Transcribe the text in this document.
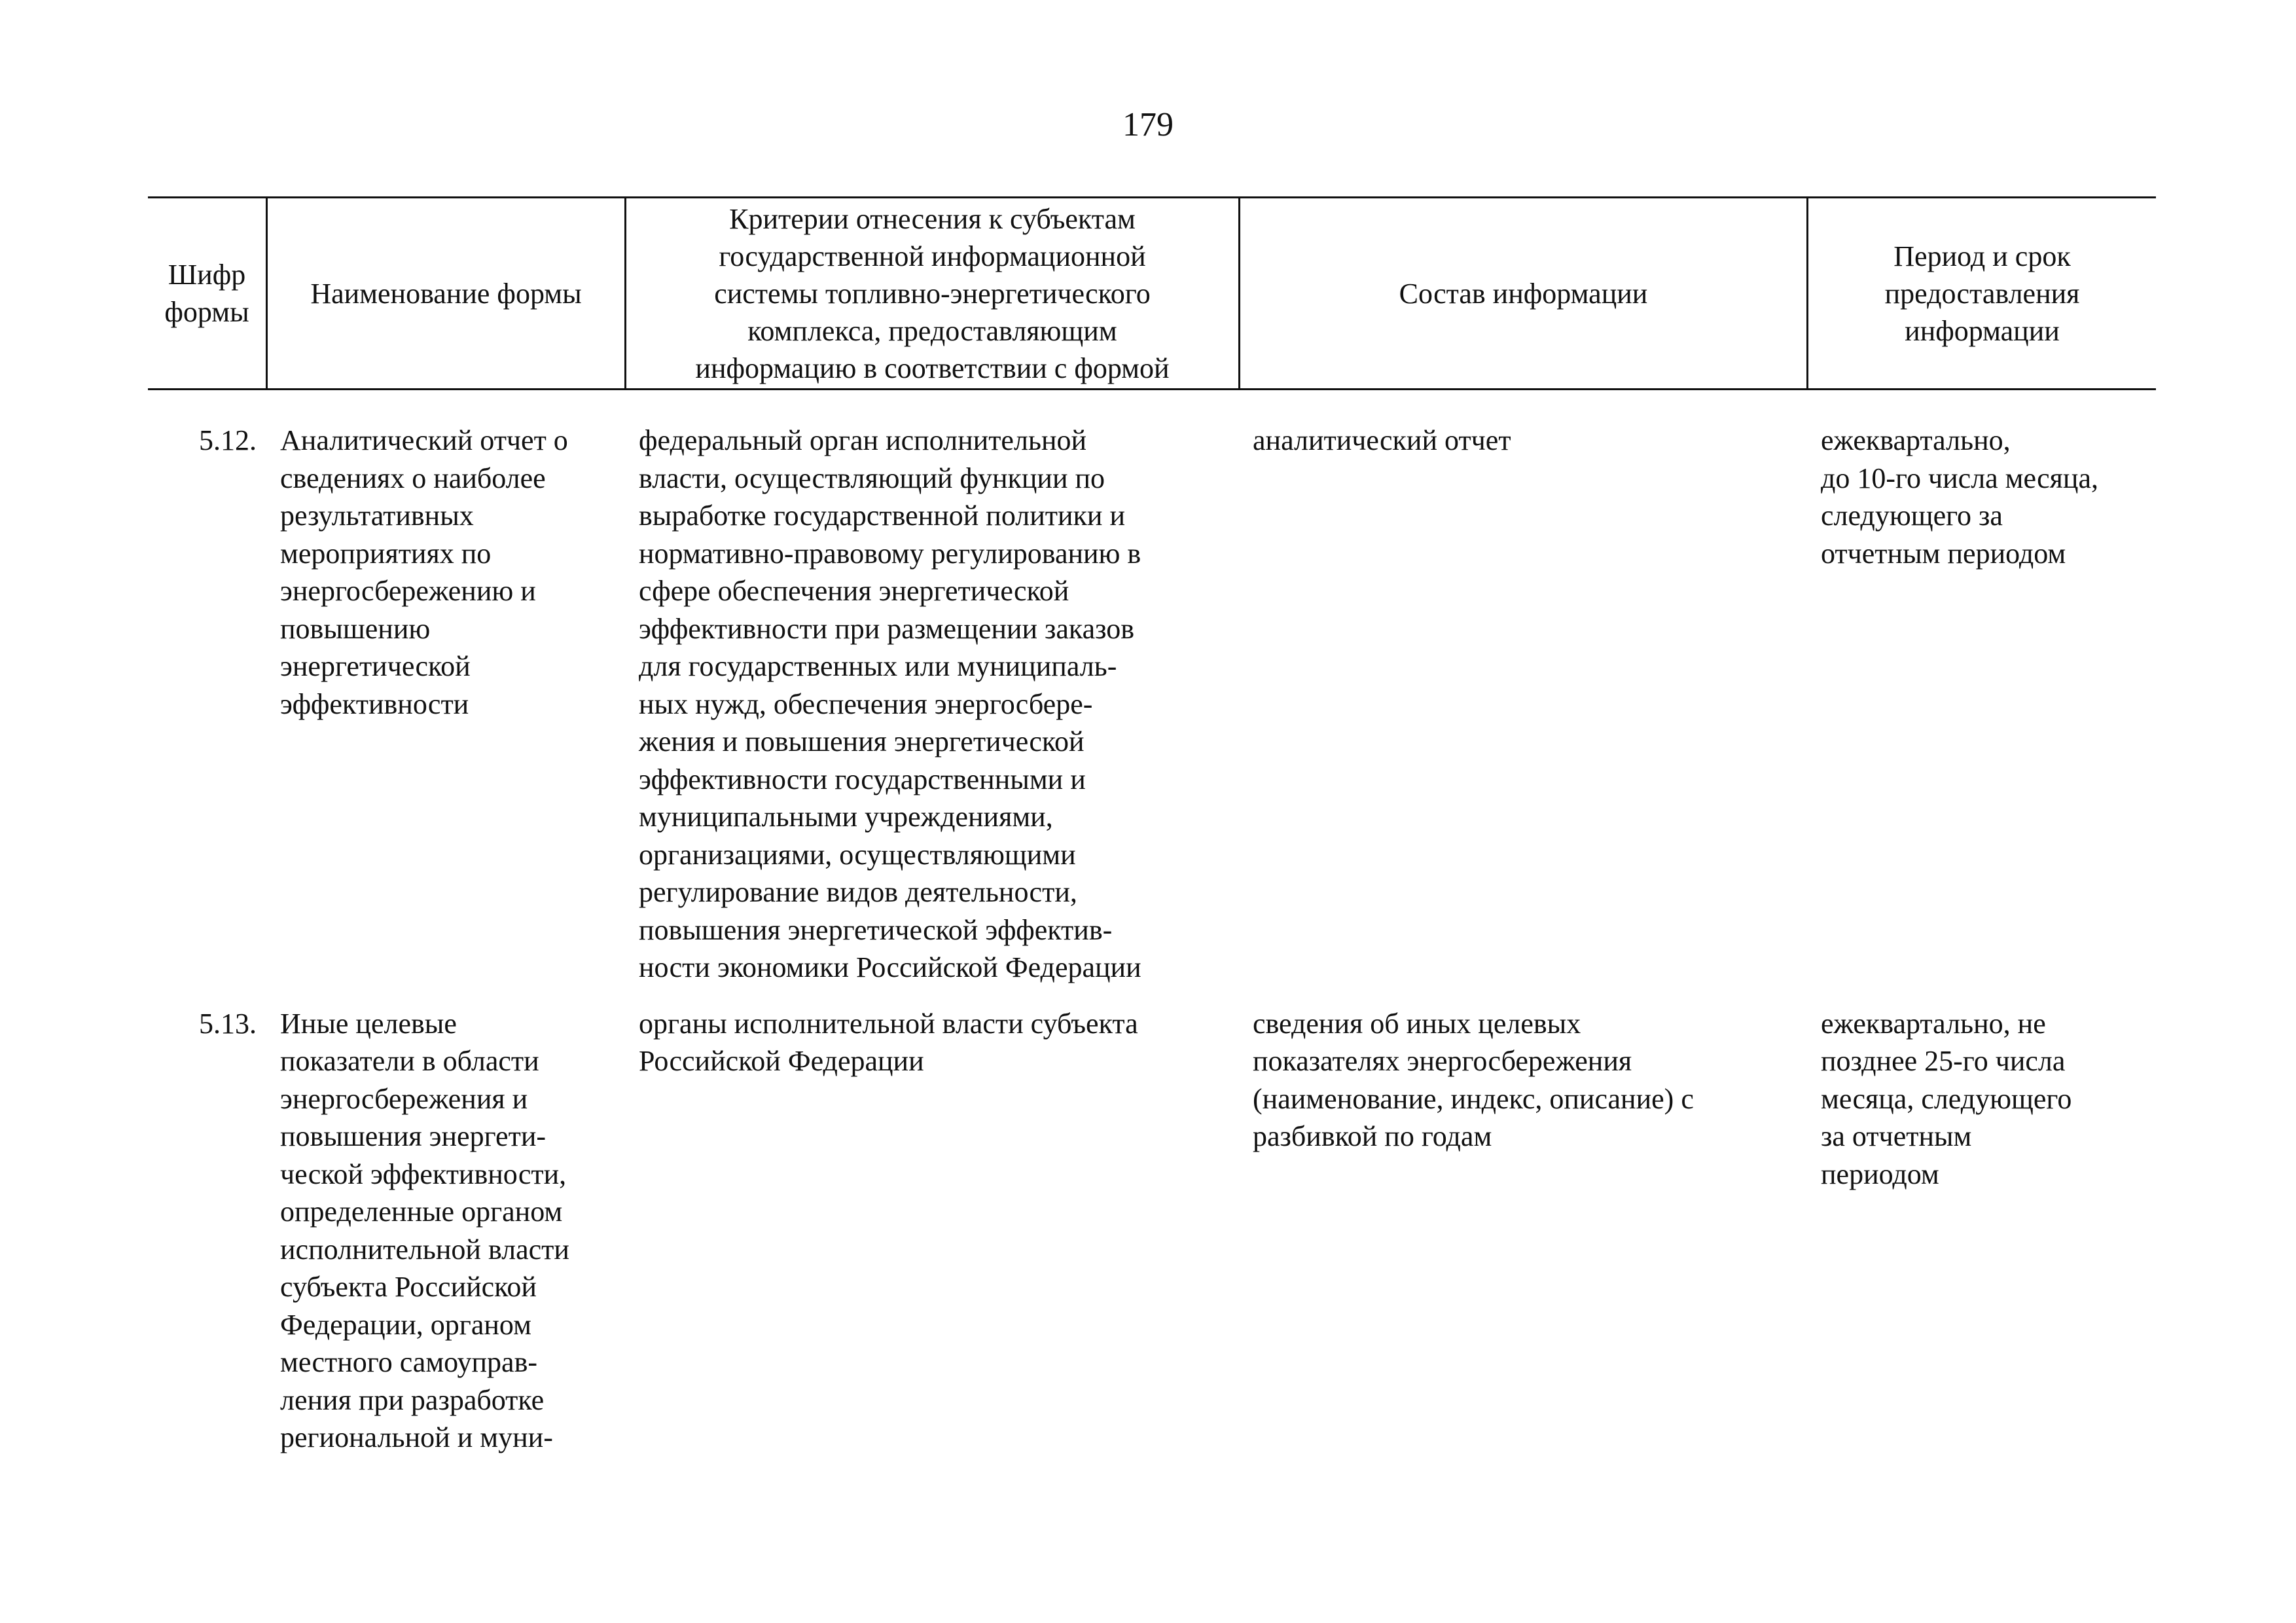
179
Шифр
формы
Наименование формы
Критерии отнесения к субъектам
государственной информационной
системы топливно-энергетического
комплекса, предоставляющим
информацию в соответствии с формой
Состав информации
Период и срок
предоставления
информации
5.12. Аналитический отчет о
сведениях о наиболее
результативных
мероприятиях по
энергосбережению и
повышению
энергетической
эффективности
федеральный орган исполнительной
власти, осуществляющий функции по
выработке государственной политики и
нормативно-правовому регулированию в
сфере обеспечения энергетической
эффективности при размещении заказов
для государственных или муниципаль-
ных нужд, обеспечения энергосбере-
жения и повышения энергетической
эффективности государственными и
муниципальными учреждениями,
организациями, осуществляющими
регулирование видов деятельности,
повышения энергетической эффектив-
ности экономики Российской Федерации
аналитический отчет	ежеквартально,
до 10-го числа месяца,
следующего за
отчетным периодом
5.13. Иные целевые
показатели в области
энергосбережения и
повышения энергети-
ческой эффективности,
определенные органом
исполнительной власти
субъекта Российской
Федерации, органом
местного самоуправ-
ления при разработке
региональной и муни-
органы исполнительной власти субъекта
Российской Федерации
сведения об иных целевых
показателях энергосбережения
(наименование, индекс, описание) с
разбивкой по годам
ежеквартально, не
позднее 25-го числа
месяца, следующего
за отчетным
периодом
